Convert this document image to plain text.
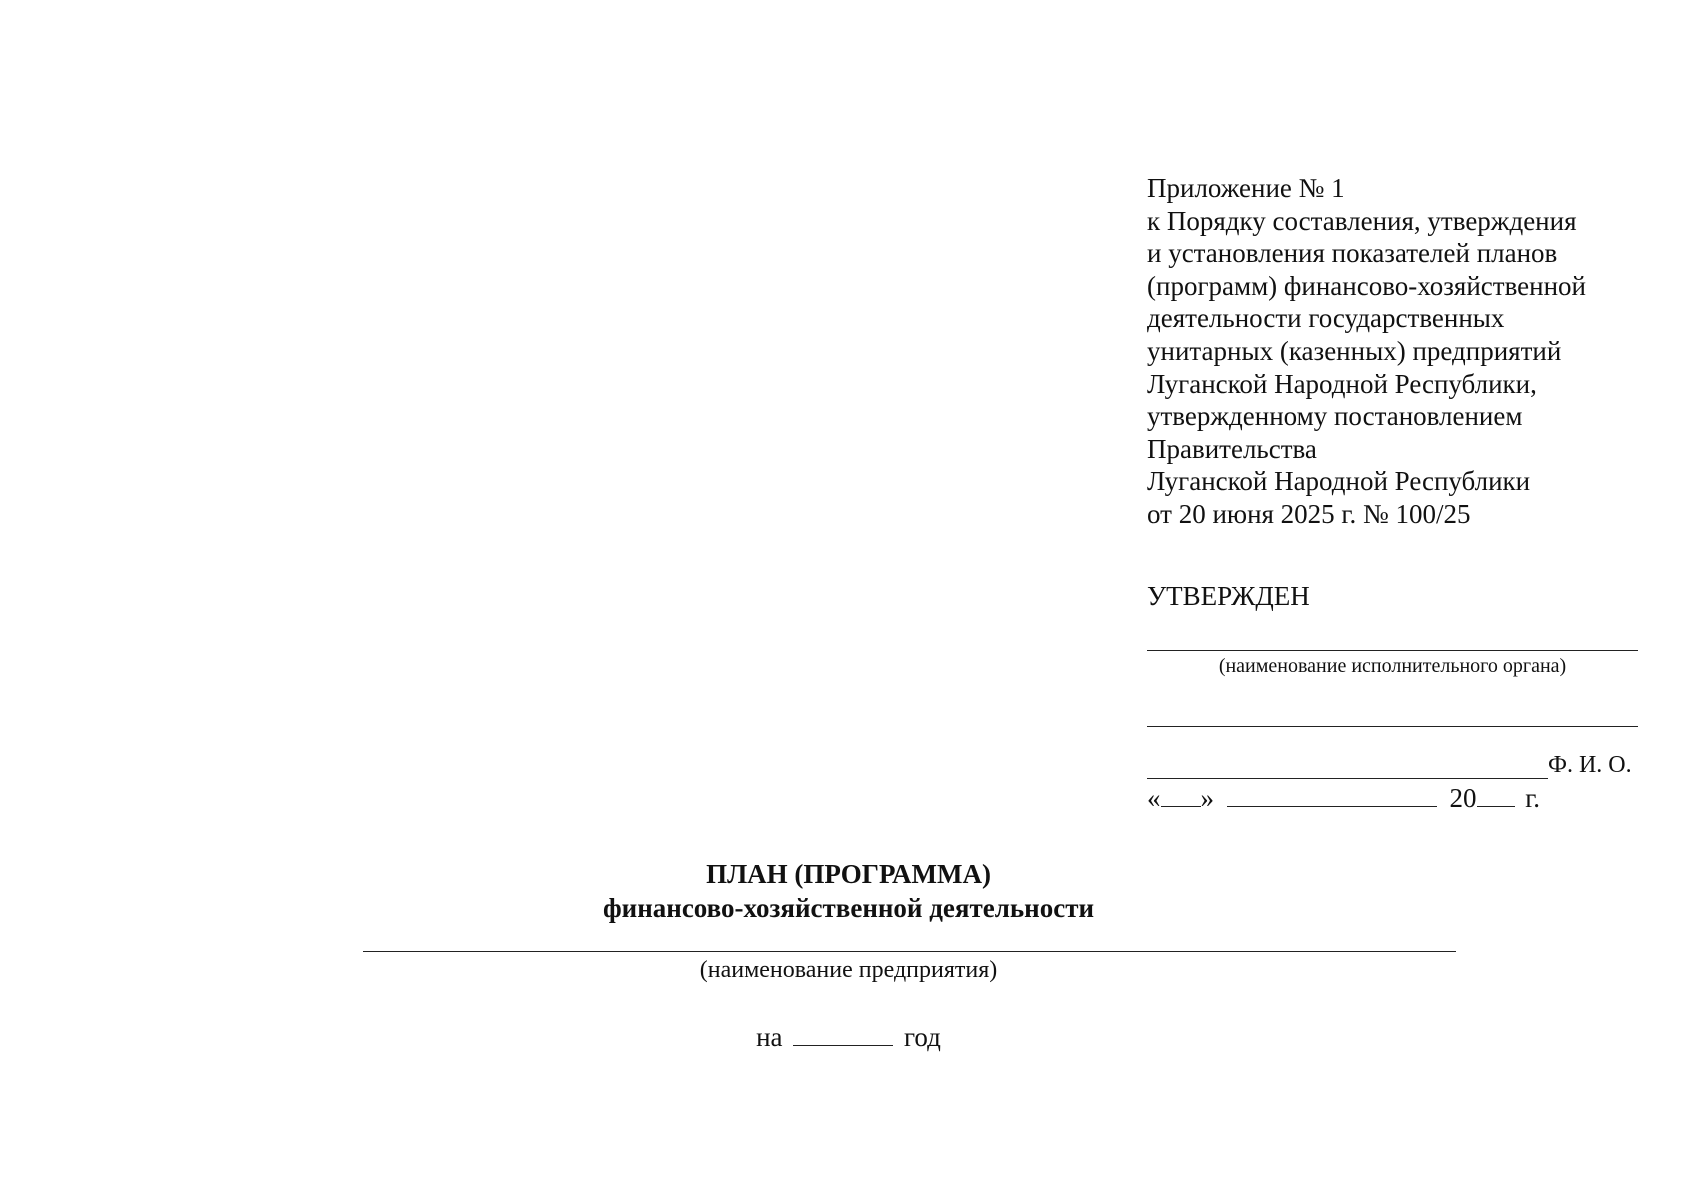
Приложение № 1
к Порядку составления, утверждения
и установления показателей планов
(программ) финансово-хозяйственной
деятельности государственных
унитарных (казенных) предприятий
Луганской Народной Республики,
утвержденному постановлением
Правительства
Луганской Народной Республики
от 20 июня 2025 г. № 100/25
УТВЕРЖДЕН
(наименование исполнительного органа)
Ф. И. О.
« »	20 г.
ПЛАН (ПРОГРАММА)
финансово-хозяйственной деятельности
(наименование предприятия)
на	год
